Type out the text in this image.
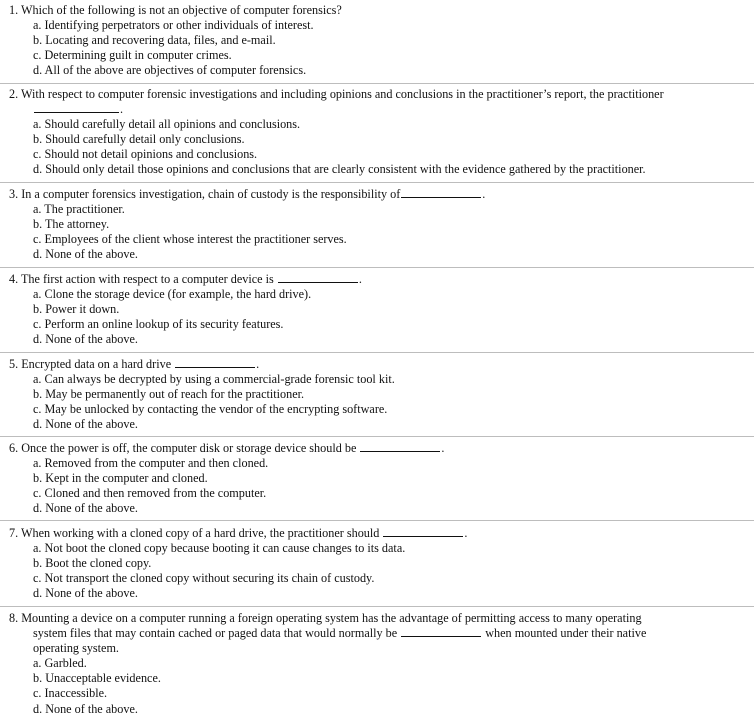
1. Which of the following is not an objective of computer forensics?
a. Identifying perpetrators or other individuals of interest.
b. Locating and recovering data, files, and e-mail.
c. Determining guilt in computer crimes.
d. All of the above are objectives of computer forensics.
2. With respect to computer forensic investigations and including opinions and conclusions in the practitioner’s report, the practitioner
.
a. Should carefully detail all opinions and conclusions.
b. Should carefully detail only conclusions.
c. Should not detail opinions and conclusions.
d. Should only detail those opinions and conclusions that are clearly consistent with the evidence gathered by the practitioner.
3. In a computer forensics investigation, chain of custody is the responsibility of	.
a. The practitioner.
b. The attorney.
c. Employees of the client whose interest the practitioner serves.
d. None of the above.
4. The first action with respect to a computer device is	.
a. Clone the storage device (for example, the hard drive).
b. Power it down.
c. Perform an online lookup of its security features.
d. None of the above.
5. Encrypted data on a hard drive	.
a. Can always be decrypted by using a commercial-grade forensic tool kit.
b. May be permanently out of reach for the practitioner.
c. May be unlocked by contacting the vendor of the encrypting software.
d. None of the above.
6. Once the power is off, the computer disk or storage device should be	.
a. Removed from the computer and then cloned.
b. Kept in the computer and cloned.
c. Cloned and then removed from the computer.
d. None of the above.
7. When working with a cloned copy of a hard drive, the practitioner should	.
a. Not boot the cloned copy because booting it can cause changes to its data.
b. Boot the cloned copy.
c. Not transport the cloned copy without securing its chain of custody.
d. None of the above.
8. Mounting a device on a computer running a foreign operating system has the advantage of permitting access to many operating
system files that may contain cached or paged data that would normally be	when mounted under their native
operating system.
a. Garbled.
b. Unacceptable evidence.
c. Inaccessible.
d. None of the above.
